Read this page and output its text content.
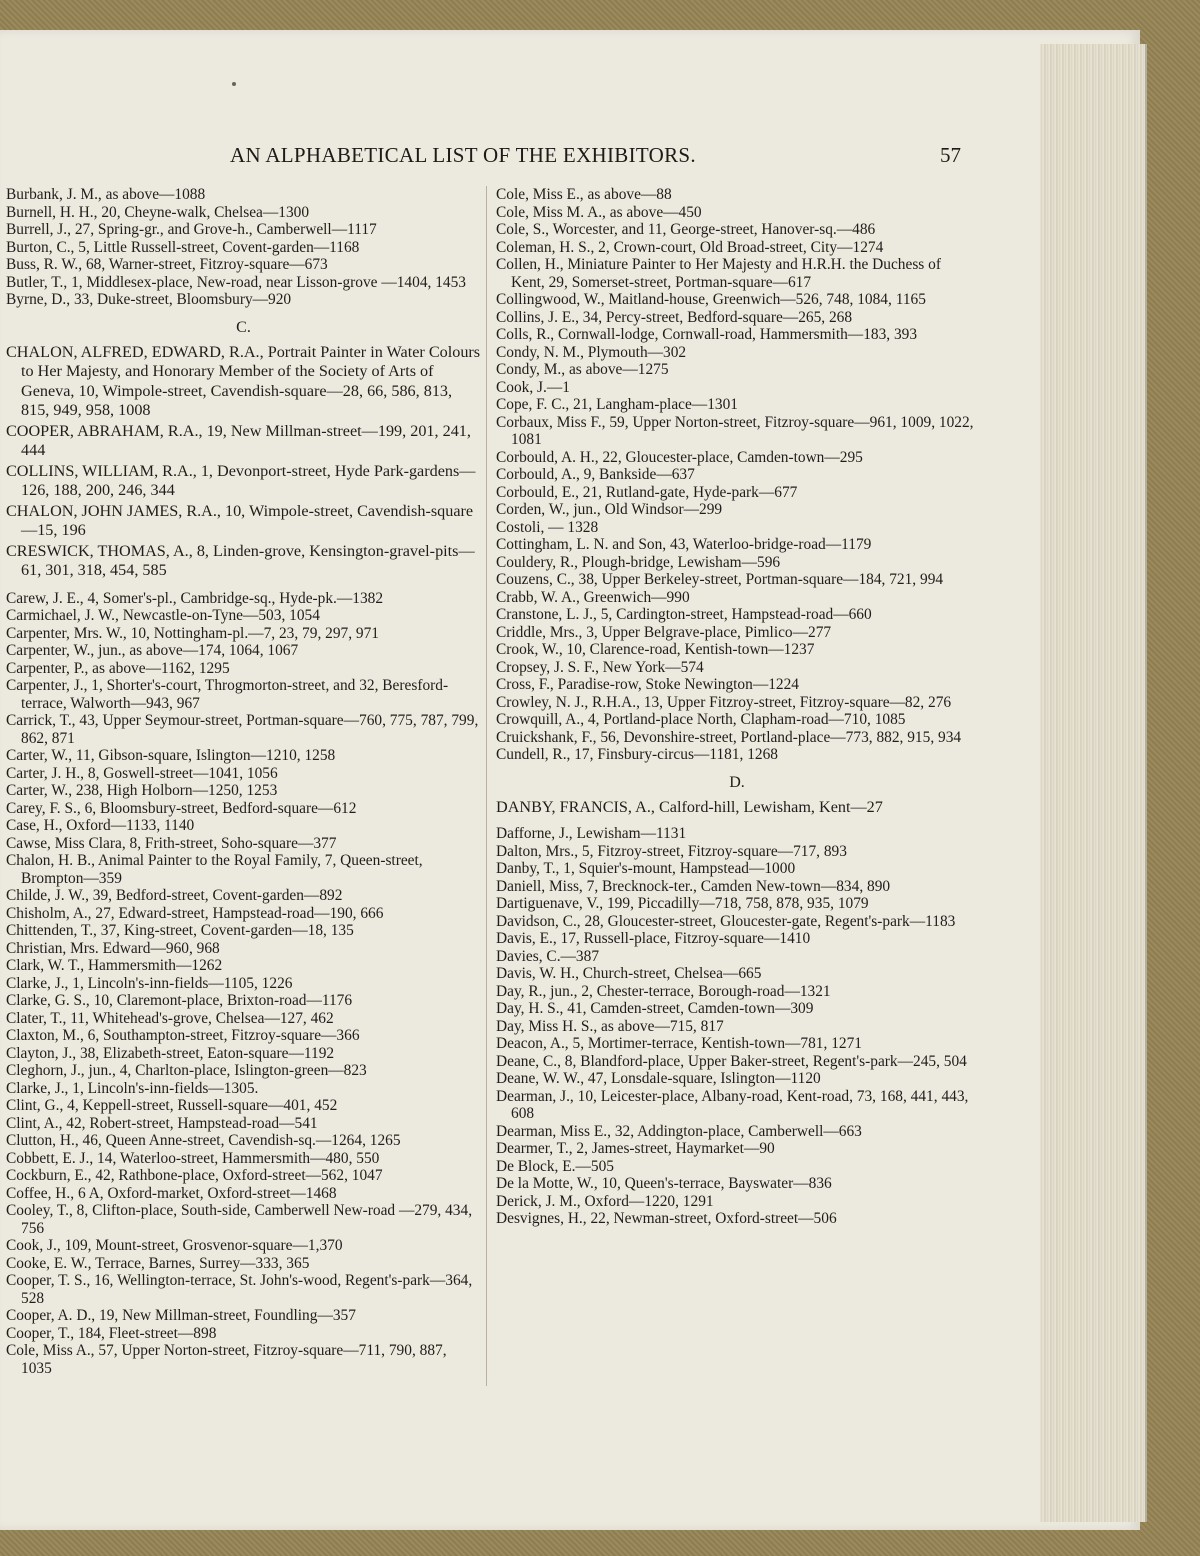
AN ALPHABETICAL LIST OF THE EXHIBITORS.	57

Burbank, J. M., as above—1088

Burnell, H. H., 20, Cheyne-walk, Chelsea—1300

Burrell, J., 27, Spring-gr., and Grove-h., Camberwell—1117

Burton, C., 5, Little Russell-street, Covent-garden—1168

Buss, R. W., 68, Warner-street, Fitzroy-square—673

Butler, T., 1, Middlesex-place, New-road, near Lisson-grove —1404, 1453

Byrne, D., 33, Duke-street, Bloomsbury—920

C.

CHALON, ALFRED, EDWARD, R.A., Portrait Painter in Water Colours to Her Majesty, and Honorary Member of the Society of Arts of Geneva, 10, Wimpole-street, Cavendish-square—28, 66, 586, 813, 815, 949, 958, 1008

COOPER, ABRAHAM, R.A., 19, New Millman-street—199, 201, 241, 444

COLLINS, WILLIAM, R.A., 1, Devonport-street, Hyde Park-gardens—126, 188, 200, 246, 344

CHALON, JOHN JAMES, R.A., 10, Wimpole-street, Cavendish-square—15, 196

CRESWICK, THOMAS, A., 8, Linden-grove, Kensington-gravel-pits—61, 301, 318, 454, 585

Carew, J. E., 4, Somer's-pl., Cambridge-sq., Hyde-pk.—1382

Carmichael, J. W., Newcastle-on-Tyne—503, 1054

Carpenter, Mrs. W., 10, Nottingham-pl.—7, 23, 79, 297, 971

Carpenter, W., jun., as above—174, 1064, 1067

Carpenter, P., as above—1162, 1295

Carpenter, J., 1, Shorter's-court, Throgmorton-street, and 32, Beresford-terrace, Walworth—943, 967

Carrick, T., 43, Upper Seymour-street, Portman-square—760, 775, 787, 799, 862, 871

Carter, W., 11, Gibson-square, Islington—1210, 1258

Carter, J. H., 8, Goswell-street—1041, 1056

Carter, W., 238, High Holborn—1250, 1253

Carey, F. S., 6, Bloomsbury-street, Bedford-square—612

Case, H., Oxford—1133, 1140

Cawse, Miss Clara, 8, Frith-street, Soho-square—377

Chalon, H. B., Animal Painter to the Royal Family, 7, Queen-street, Brompton—359

Childe, J. W., 39, Bedford-street, Covent-garden—892

Chisholm, A., 27, Edward-street, Hampstead-road—190, 666

Chittenden, T., 37, King-street, Covent-garden—18, 135

Christian, Mrs. Edward—960, 968

Clark, W. T., Hammersmith—1262

Clarke, J., 1, Lincoln's-inn-fields—1105, 1226

Clarke, G. S., 10, Claremont-place, Brixton-road—1176

Clater, T., 11, Whitehead's-grove, Chelsea—127, 462

Claxton, M., 6, Southampton-street, Fitzroy-square—366

Clayton, J., 38, Elizabeth-street, Eaton-square—1192

Cleghorn, J., jun., 4, Charlton-place, Islington-green—823

Clarke, J., 1, Lincoln's-inn-fields—1305.

Clint, G., 4, Keppell-street, Russell-square—401, 452

Clint, A., 42, Robert-street, Hampstead-road—541

Clutton, H., 46, Queen Anne-street, Cavendish-sq.—1264, 1265

Cobbett, E. J., 14, Waterloo-street, Hammersmith—480, 550

Cockburn, E., 42, Rathbone-place, Oxford-street—562, 1047

Coffee, H., 6 A, Oxford-market, Oxford-street—1468

Cooley, T., 8, Clifton-place, South-side, Camberwell New-road —279, 434, 756

Cook, J., 109, Mount-street, Grosvenor-square—1,370

Cooke, E. W., Terrace, Barnes, Surrey—333, 365

Cooper, T. S., 16, Wellington-terrace, St. John's-wood, Regent's-park—364, 528

Cooper, A. D., 19, New Millman-street, Foundling—357

Cooper, T., 184, Fleet-street—898

Cole, Miss A., 57, Upper Norton-street, Fitzroy-square—711, 790, 887, 1035

Cole, Miss E., as above—88

Cole, Miss M. A., as above—450

Cole, S., Worcester, and 11, George-street, Hanover-sq.—486

Coleman, H. S., 2, Crown-court, Old Broad-street, City—1274

Collen, H., Miniature Painter to Her Majesty and H.R.H. the Duchess of Kent, 29, Somerset-street, Portman-square—617

Collingwood, W., Maitland-house, Greenwich—526, 748, 1084, 1165

Collins, J. E., 34, Percy-street, Bedford-square—265, 268

Colls, R., Cornwall-lodge, Cornwall-road, Hammersmith—183, 393

Condy, N. M., Plymouth—302

Condy, M., as above—1275

Cook, J.—1

Cope, F. C., 21, Langham-place—1301

Corbaux, Miss F., 59, Upper Norton-street, Fitzroy-square—961, 1009, 1022, 1081

Corbould, A. H., 22, Gloucester-place, Camden-town—295

Corbould, A., 9, Bankside—637

Corbould, E., 21, Rutland-gate, Hyde-park—677

Corden, W., jun., Old Windsor—299

Costoli, — 1328

Cottingham, L. N. and Son, 43, Waterloo-bridge-road—1179

Couldery, R., Plough-bridge, Lewisham—596

Couzens, C., 38, Upper Berkeley-street, Portman-square—184, 721, 994

Crabb, W. A., Greenwich—990

Cranstone, L. J., 5, Cardington-street, Hampstead-road—660

Criddle, Mrs., 3, Upper Belgrave-place, Pimlico—277

Crook, W., 10, Clarence-road, Kentish-town—1237

Cropsey, J. S. F., New York—574

Cross, F., Paradise-row, Stoke Newington—1224

Crowley, N. J., R.H.A., 13, Upper Fitzroy-street, Fitzroy-square—82, 276

Crowquill, A., 4, Portland-place North, Clapham-road—710, 1085

Cruickshank, F., 56, Devonshire-street, Portland-place—773, 882, 915, 934

Cundell, R., 17, Finsbury-circus—1181, 1268

D.

DANBY, FRANCIS, A., Calford-hill, Lewisham, Kent—27

Dafforne, J., Lewisham—1131

Dalton, Mrs., 5, Fitzroy-street, Fitzroy-square—717, 893

Danby, T., 1, Squier's-mount, Hampstead—1000

Daniell, Miss, 7, Brecknock-ter., Camden New-town—834, 890

Dartiguenave, V., 199, Piccadilly—718, 758, 878, 935, 1079

Davidson, C., 28, Gloucester-street, Gloucester-gate, Regent's-park—1183

Davis, E., 17, Russell-place, Fitzroy-square—1410

Davies, C.—387

Davis, W. H., Church-street, Chelsea—665

Day, R., jun., 2, Chester-terrace, Borough-road—1321

Day, H. S., 41, Camden-street, Camden-town—309

Day, Miss H. S., as above—715, 817

Deacon, A., 5, Mortimer-terrace, Kentish-town—781, 1271

Deane, C., 8, Blandford-place, Upper Baker-street, Regent's-park—245, 504

Deane, W. W., 47, Lonsdale-square, Islington—1120

Dearman, J., 10, Leicester-place, Albany-road, Kent-road, 73, 168, 441, 443, 608

Dearman, Miss E., 32, Addington-place, Camberwell—663

Dearmer, T., 2, James-street, Haymarket—90

De Block, E.—505

De la Motte, W., 10, Queen's-terrace, Bayswater—836

Derick, J. M., Oxford—1220, 1291

Desvignes, H., 22, Newman-street, Oxford-street—506
